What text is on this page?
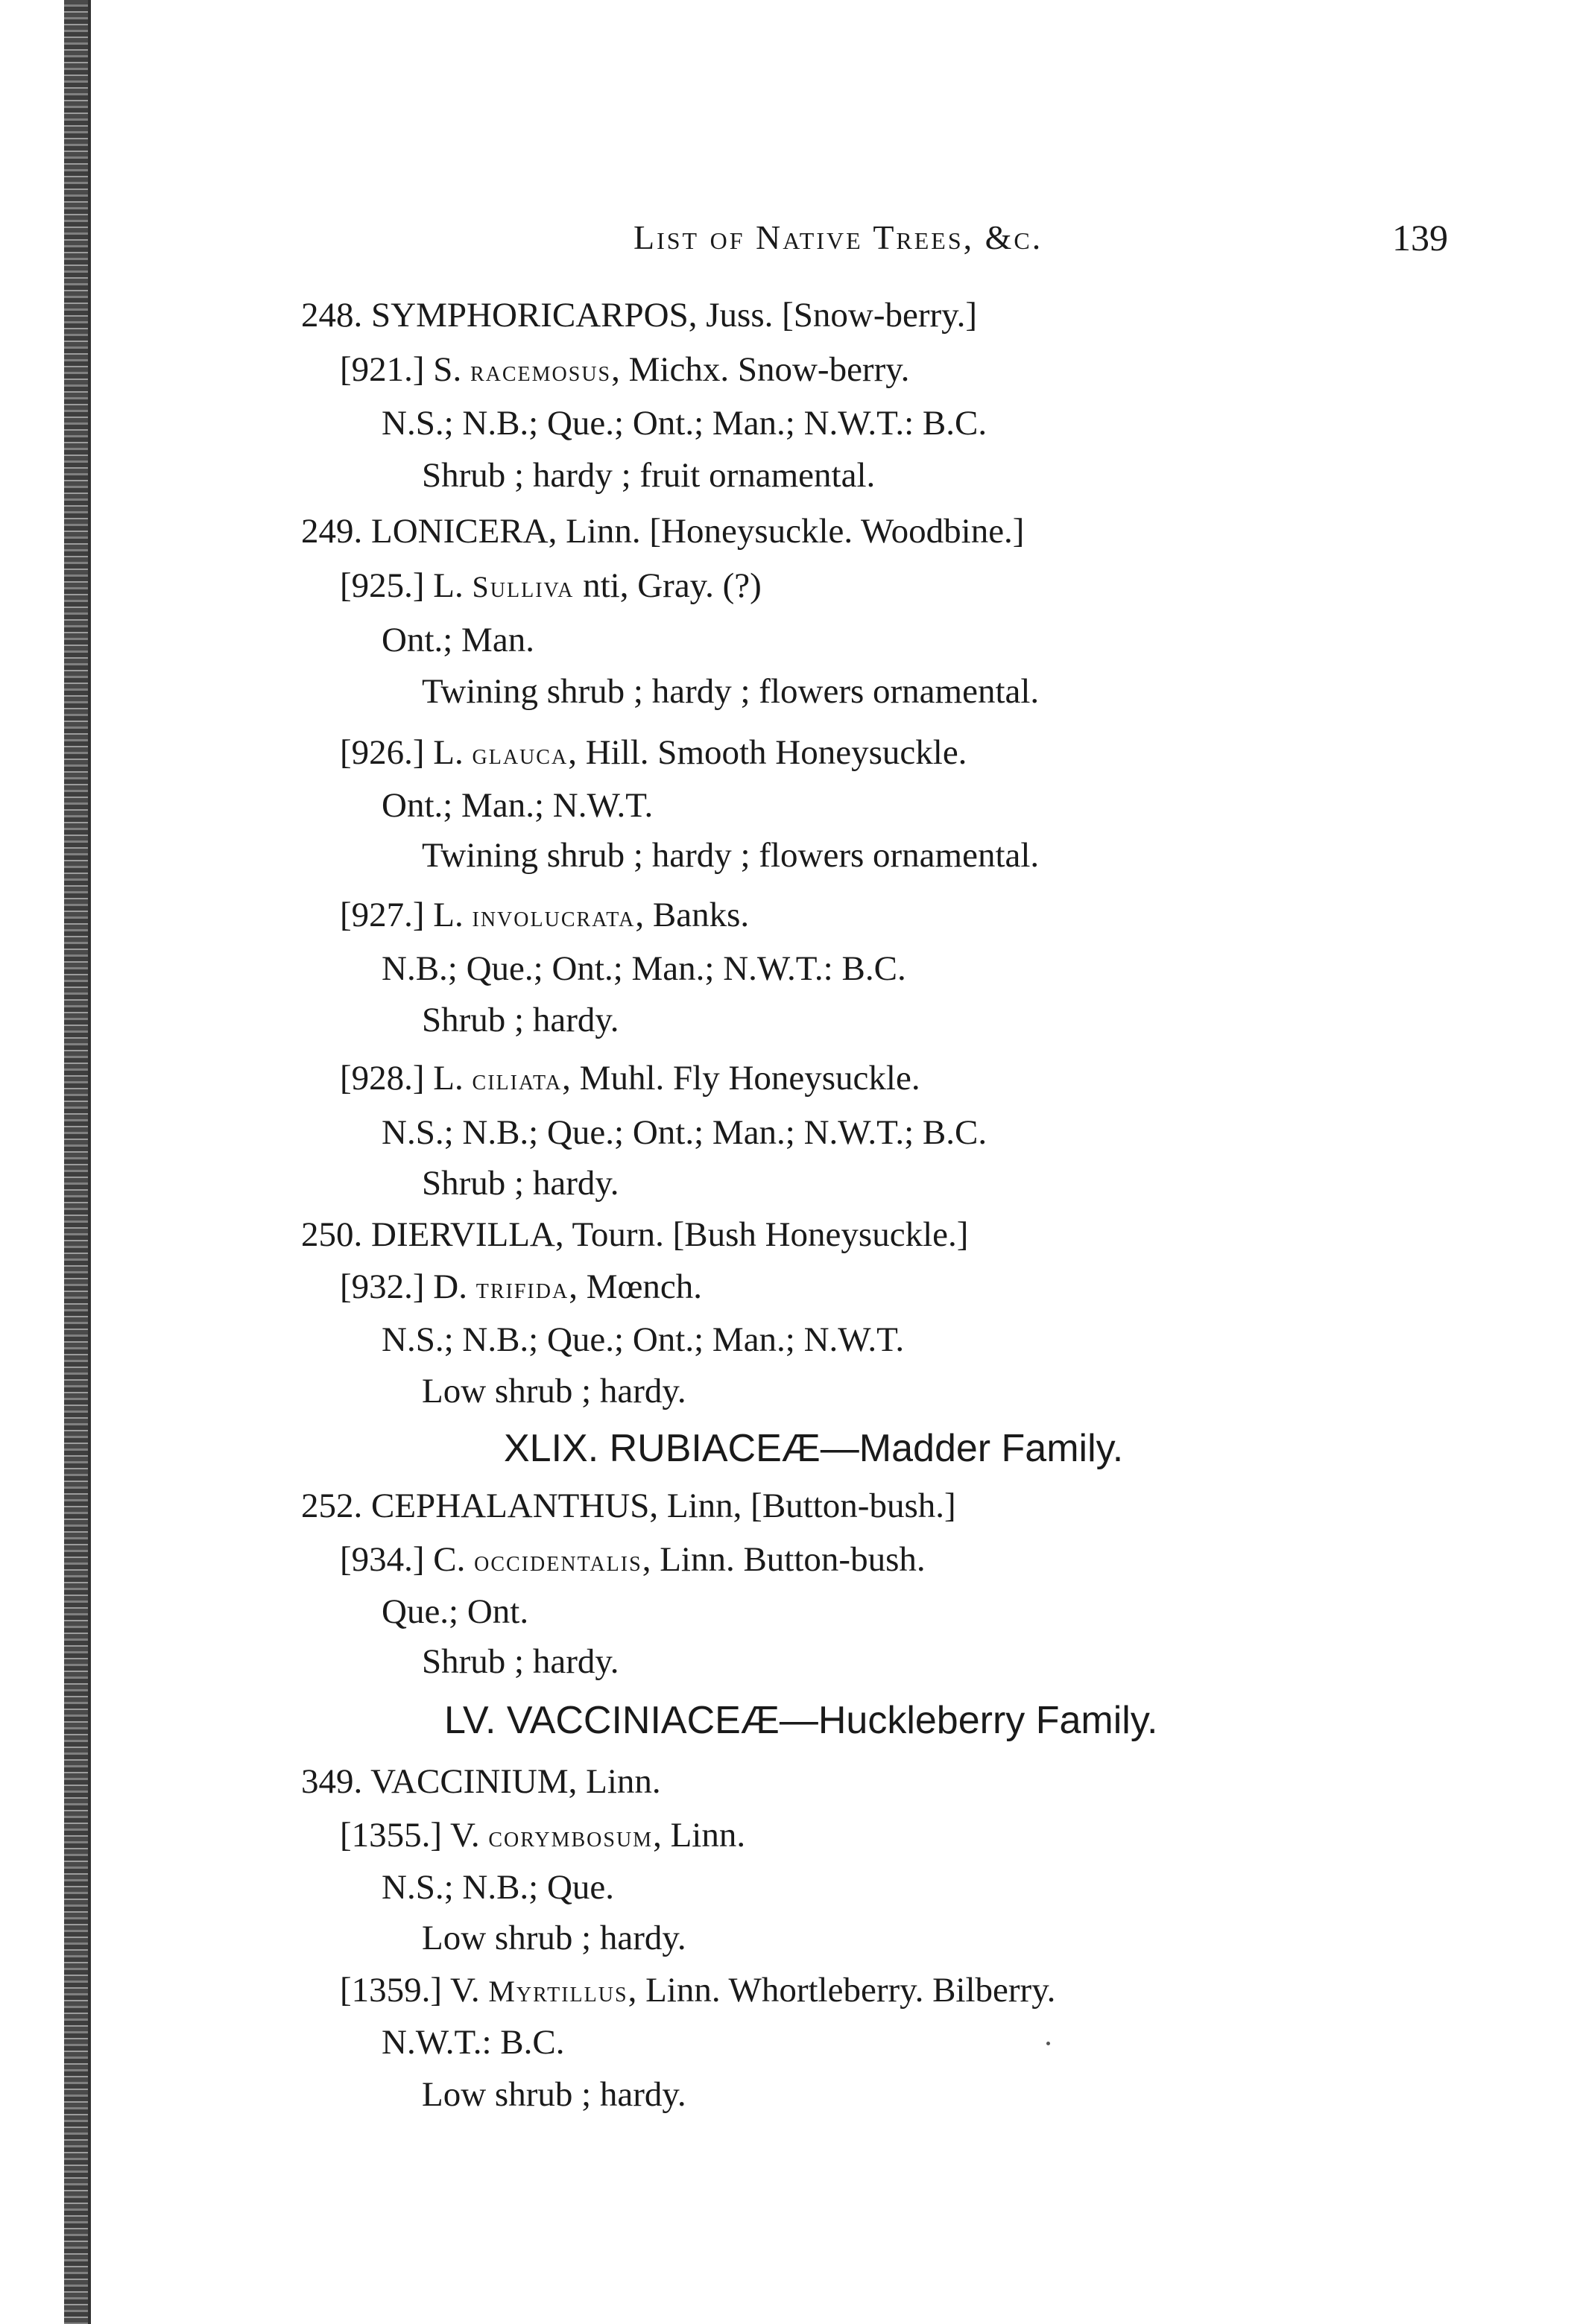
List of Native Trees, &c.	139
248. SYMPHORICARPOS, Juss. [Snow-berry.]
[921.] S. racemosus, Michx. Snow-berry.
N.S.; N.B.; Que.; Ont.; Man.; N.W.T.: B.C.
Shrub ; hardy ; fruit ornamental.
249. LONICERA, Linn. [Honeysuckle. Woodbine.]
[925.] L. Sulliva nti, Gray. (?)
Ont.; Man.
Twining shrub ; hardy ; flowers ornamental.
[926.] L. glauca, Hill. Smooth Honeysuckle.
Ont.; Man.; N.W.T.
Twining shrub ; hardy ; flowers ornamental.
[927.] L. involucrata, Banks.
N.B.; Que.; Ont.; Man.; N.W.T.: B.C.
Shrub ; hardy.
[928.] L. ciliata, Muhl. Fly Honeysuckle.
N.S.; N.B.; Que.; Ont.; Man.; N.W.T.; B.C.
Shrub ; hardy.
250. DIERVILLA, Tourn. [Bush Honeysuckle.]
[932.] D. trifida, Mœnch.
N.S.; N.B.; Que.; Ont.; Man.; N.W.T.
Low shrub ; hardy.
XLIX. RUBIACEÆ—Madder Family.
252. CEPHALANTHUS, Linn, [Button-bush.]
[934.] C. occidentalis, Linn. Button-bush.
Que.; Ont.
Shrub ; hardy.
LV. VACCINIACEÆ—Huckleberry Family.
349. VACCINIUM, Linn.
[1355.] V. corymbosum, Linn.
N.S.; N.B.; Que.
Low shrub ; hardy.
[1359.] V. Myrtillus, Linn. Whortleberry. Bilberry.
N.W.T.: B.C.
Low shrub ; hardy.
